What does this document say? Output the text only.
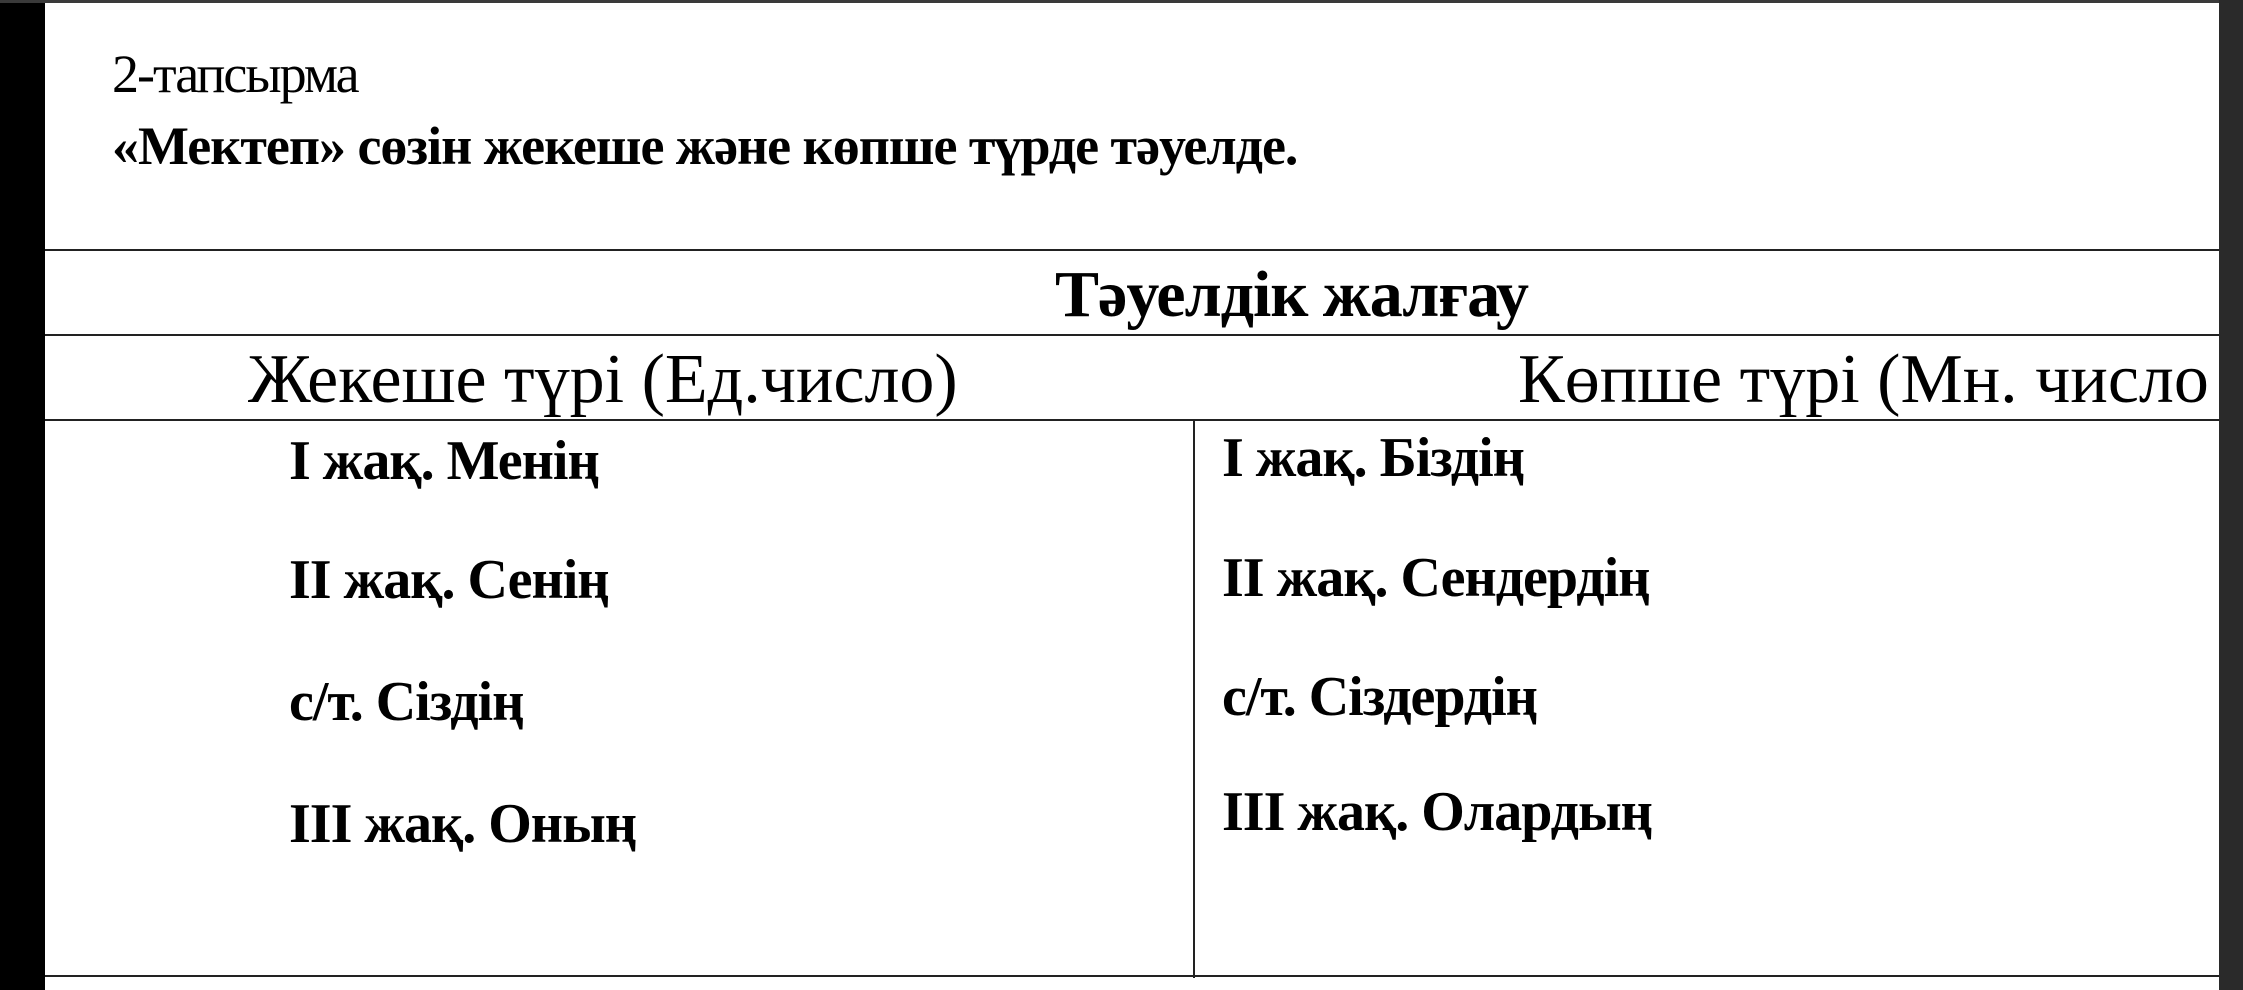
2-тапсырма
«Мектеп» сөзін жекеше және көпше түрде тәуелде.
Тәуелдік жалғау
Жекеше түрі (Ед.число)	Көпше түрі (Мн. число
І жақ. Менің
ІІ жақ. Сенің
с/т. Сіздің
ІІІ жақ. Оның
І жақ. Біздің
ІІ жақ. Сендердің
с/т. Сіздердің
ІІІ жақ. Олардың
